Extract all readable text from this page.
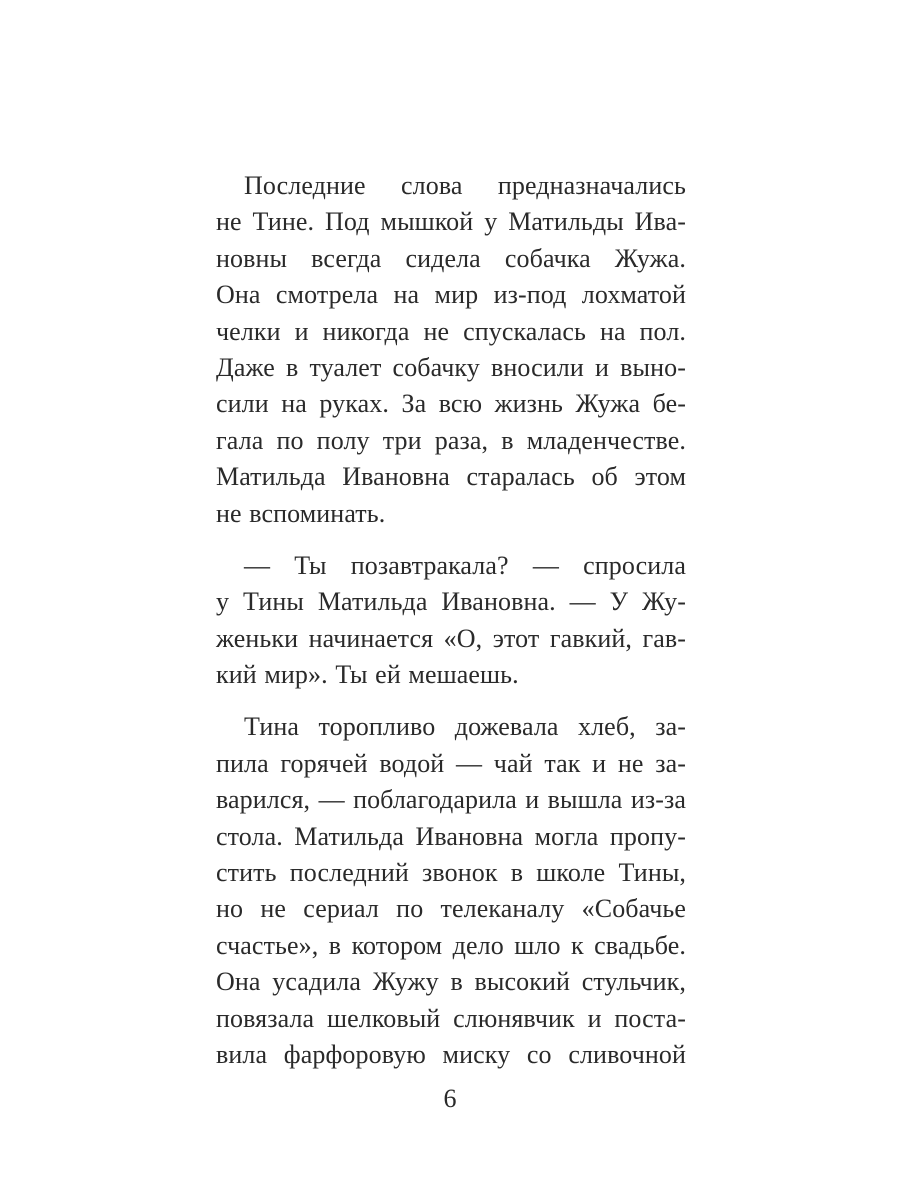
Последние слова предназначались
не Тине. Под мышкой у Матильды Ива-
новны всегда сидела собачка Жужа.
Она смотрела на мир из-под лохматой
челки и никогда не спускалась на пол.
Даже в туалет собачку вносили и выно-
сили на руках. За всю жизнь Жужа бе-
гала по полу три раза, в младенчестве.
Матильда Ивановна старалась об этом
не вспоминать.
— Ты позавтракала? — спросила
у Тины Матильда Ивановна. — У Жу-
женьки начинается «О, этот гавкий, гав-
кий мир». Ты ей мешаешь.
Тина торопливо дожевала хлеб, за-
пила горячей водой — чай так и не за-
варился, — поблагодарила и вышла из-за
стола. Матильда Ивановна могла пропу-
стить последний звонок в школе Тины,
но не сериал по телеканалу «Собачье
счастье», в котором дело шло к свадьбе.
Она усадила Жужу в высокий стульчик,
повязала шелковый слюнявчик и поста-
вила фарфоровую миску со сливочной
6
